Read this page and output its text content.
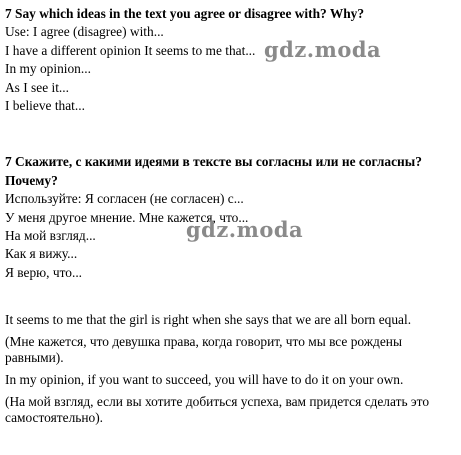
7 Say which ideas in the text you agree or disagree with? Why?
Use: I agree (disagree) with...
I have a different opinion It seems to me that...
In my opinion...
As I see it...
I believe that...
7 Скажите, с какими идеями в тексте вы согласны или не согласны? Почему?
Используйте: Я согласен (не согласен) с...
У меня другое мнение. Мне кажется, что...
На мой взгляд...
Как я вижу...
Я верю, что...
It seems to me that the girl is right when she says that we are all born equal.
(Мне кажется, что девушка права, когда говорит, что мы все рождены равными).
In my opinion, if you want to succeed, you will have to do it on your own.
(На мой взгляд, если вы хотите добиться успеха, вам придется сделать это самостоятельно).
gdz.moda
gdz.moda
